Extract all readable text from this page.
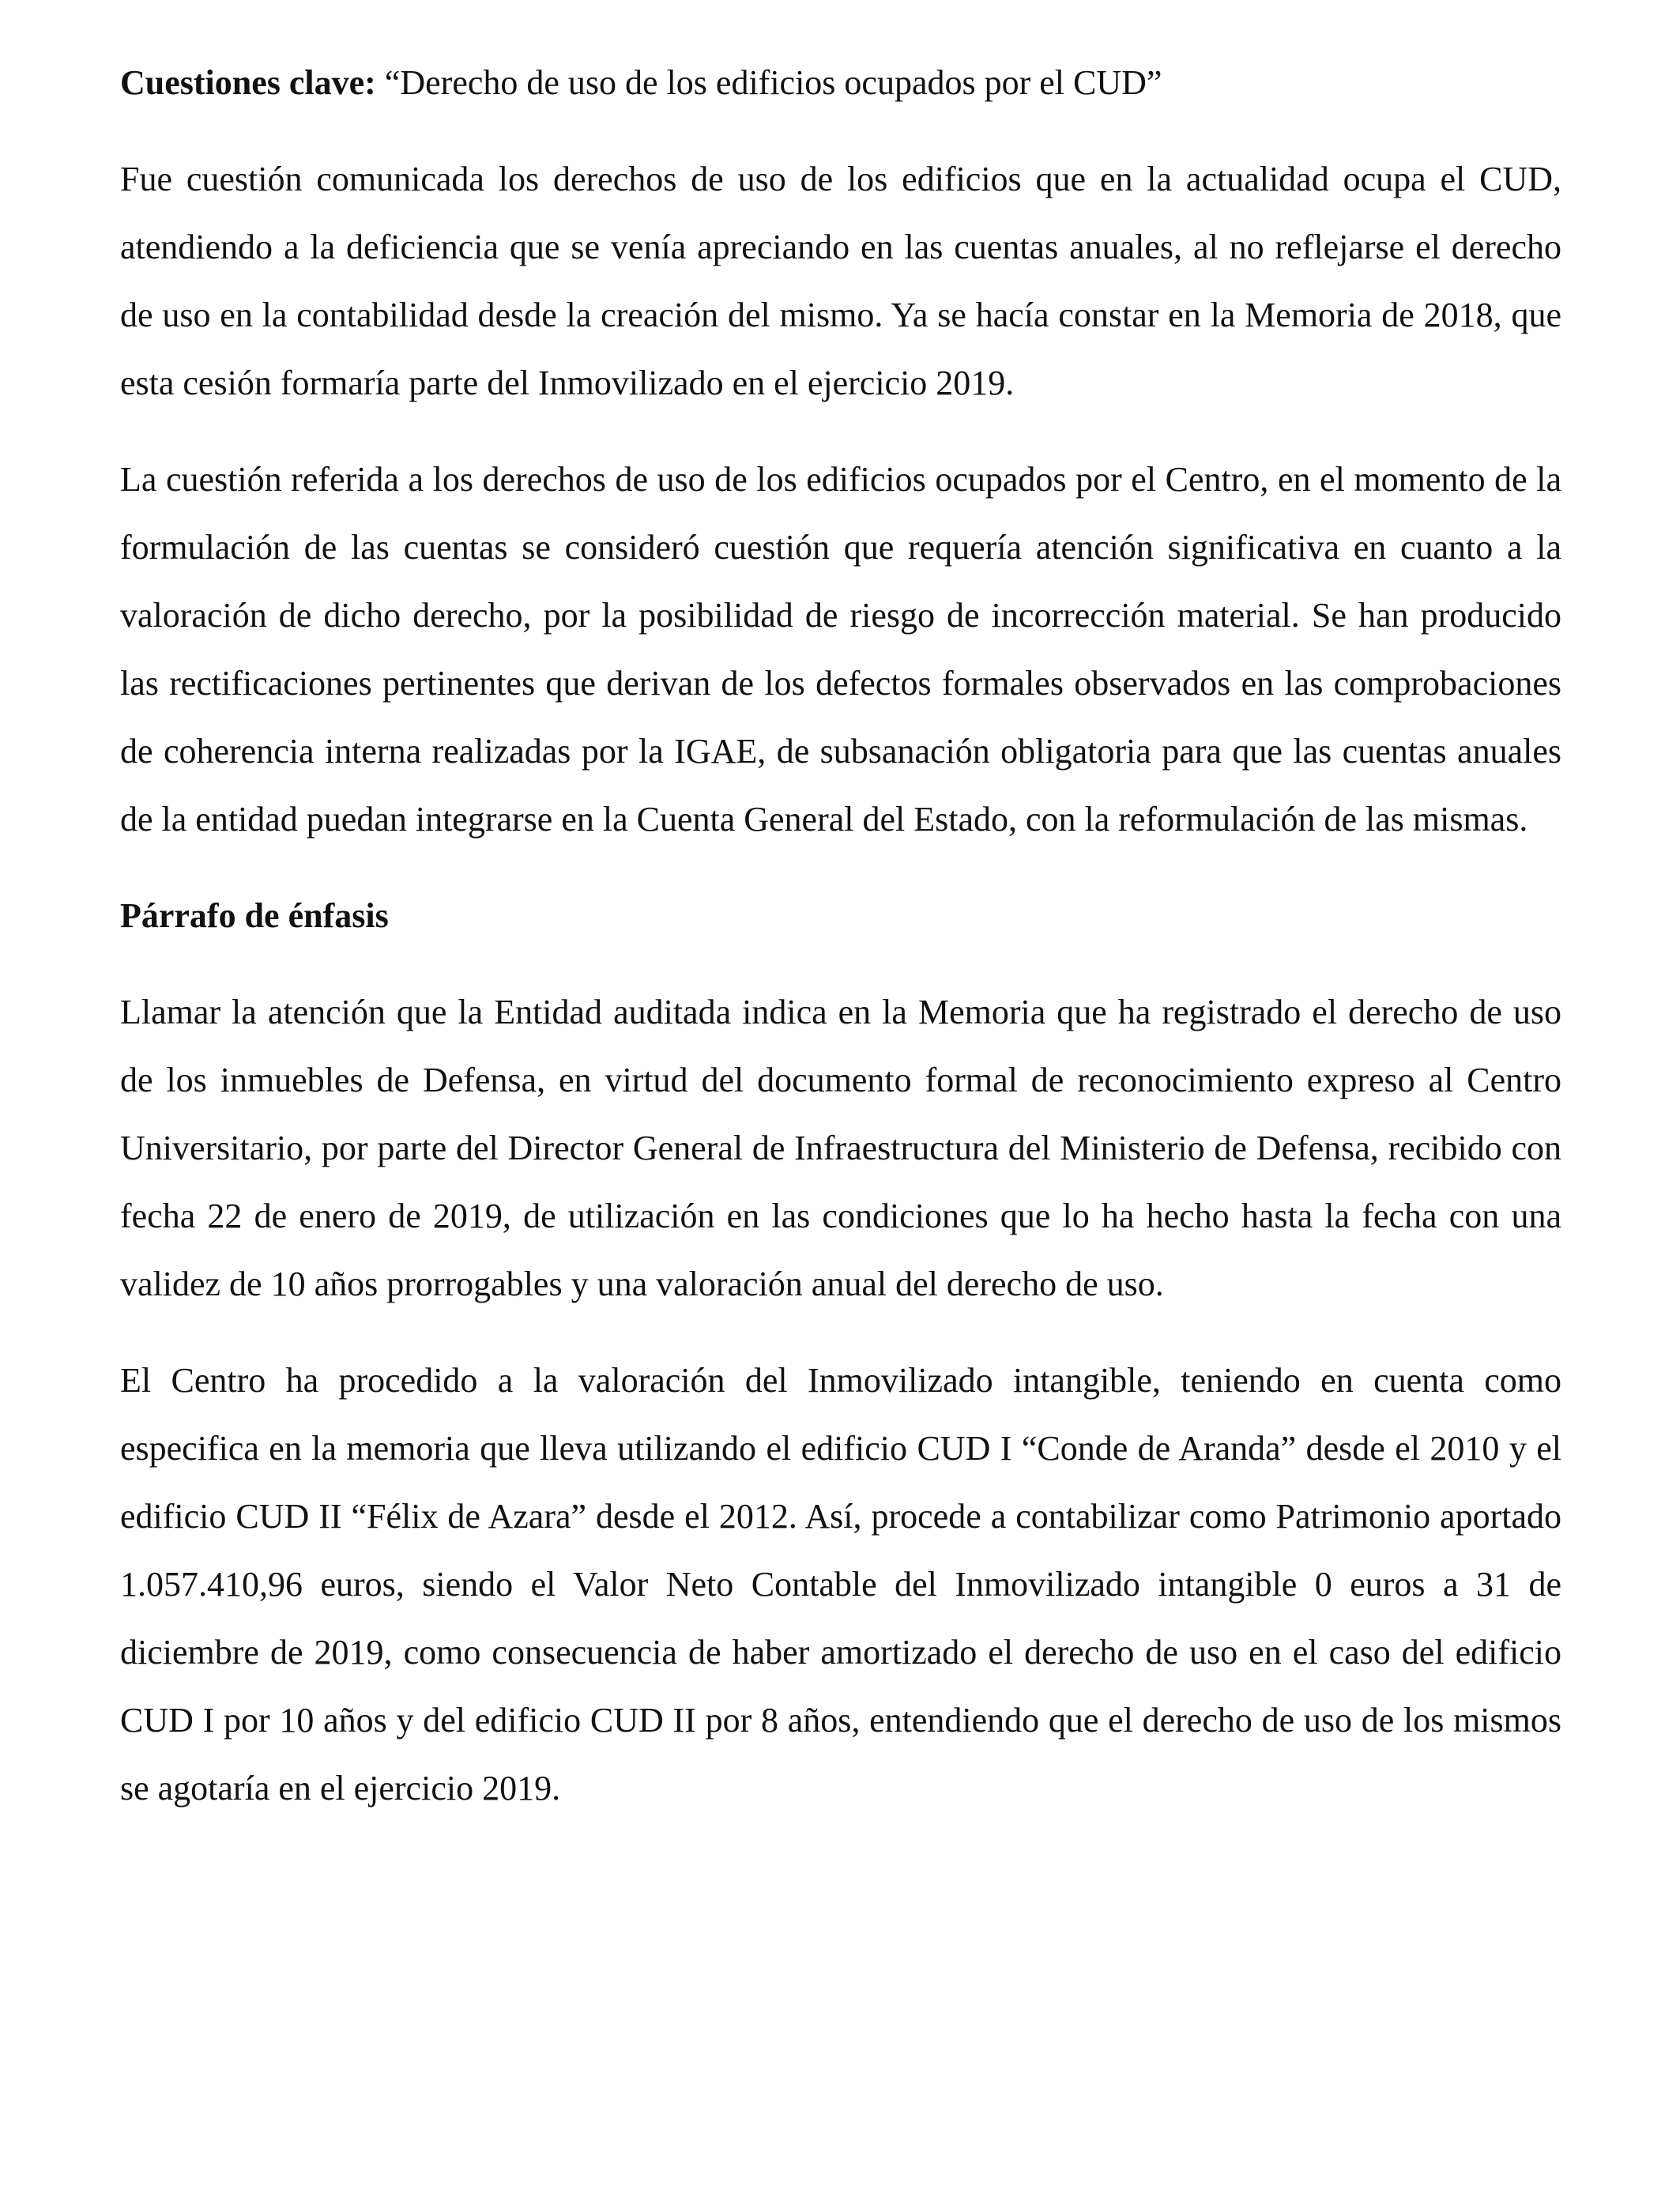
Cuestiones clave: “Derecho de uso de los edificios ocupados por el CUD”

Fue cuestión comunicada los derechos de uso de los edificios que en la actualidad ocupa el CUD, atendiendo a la deficiencia que se venía apreciando en las cuentas anuales, al no reflejarse el derecho de uso en la contabilidad desde la creación del mismo. Ya se hacía constar en la Memoria de 2018, que esta cesión formaría parte del Inmovilizado en el ejercicio 2019.

La cuestión referida a los derechos de uso de los edificios ocupados por el Centro, en el momento de la formulación de las cuentas se consideró cuestión que requería atención significativa en cuanto a la valoración de dicho derecho, por la posibilidad de riesgo de incorrección material. Se han producido las rectificaciones pertinentes que derivan de los defectos formales observados en las comprobaciones de coherencia interna realizadas por la IGAE, de subsanación obligatoria para que las cuentas anuales de la entidad puedan integrarse en la Cuenta General del Estado, con la reformulación de las mismas.

Párrafo de énfasis

Llamar la atención que la Entidad auditada indica en la Memoria que ha registrado el derecho de uso de los inmuebles de Defensa, en virtud del documento formal de reconocimiento expreso al Centro Universitario, por parte del Director General de Infraestructura del Ministerio de Defensa, recibido con fecha 22 de enero de 2019, de utilización en las condiciones que lo ha hecho hasta la fecha con una validez de 10 años prorrogables y una valoración anual del derecho de uso.

El Centro ha procedido a la valoración del Inmovilizado intangible, teniendo en cuenta como especifica en la memoria que lleva utilizando el edificio CUD I “Conde de Aranda” desde el 2010 y el edificio CUD II “Félix de Azara” desde el 2012. Así, procede a contabilizar como Patrimonio aportado 1.057.410,96 euros, siendo el Valor Neto Contable del Inmovilizado intangible 0 euros a 31 de diciembre de 2019, como consecuencia de haber amortizado el derecho de uso en el caso del edificio CUD I por 10 años y del edificio CUD II por 8 años, entendiendo que el derecho de uso de los mismos se agotaría en el ejercicio 2019.
